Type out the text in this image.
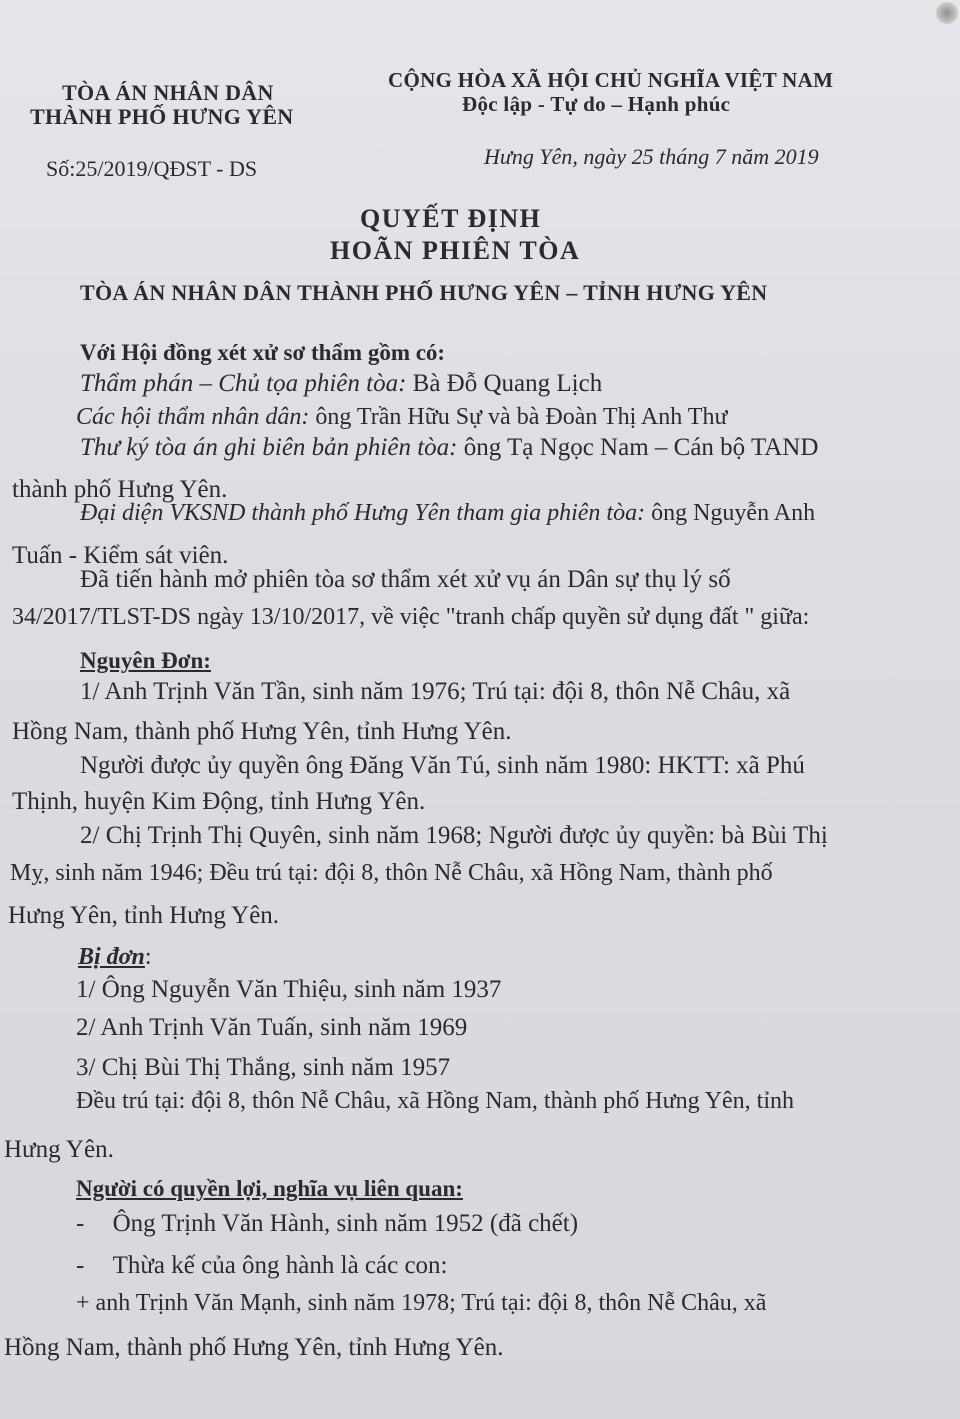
TÒA ÁN NHÂN DÂN
THÀNH PHỐ HƯNG YÊN
Số:25/2019/QĐST - DS
CỘNG HÒA XÃ HỘI CHỦ NGHĨA VIỆT NAM
Độc lập - Tự do – Hạnh phúc
Hưng Yên, ngày 25 tháng 7 năm 2019
QUYẾT ĐỊNH
HOÃN PHIÊN TÒA
TÒA ÁN NHÂN DÂN THÀNH PHỐ HƯNG YÊN – TỈNH HƯNG YÊN
Với Hội đồng xét xử sơ thẩm gồm có:
Thẩm phán – Chủ tọa phiên tòa: Bà Đỗ Quang Lịch
Các hội thẩm nhân dân: ông Trần Hữu Sự và bà Đoàn Thị Anh Thư
Thư ký tòa án ghi biên bản phiên tòa: ông Tạ Ngọc Nam – Cán bộ TAND
thành phố Hưng Yên.
Đại diện VKSND thành phố Hưng Yên tham gia phiên tòa: ông Nguyễn Anh
Tuấn - Kiểm sát viên.
Đã tiến hành mở phiên tòa sơ thẩm xét xử vụ án Dân sự thụ lý số
34/2017/TLST-DS ngày 13/10/2017, về việc "tranh chấp quyền sử dụng đất " giữa:
Nguyên Đơn:
1/ Anh Trịnh Văn Tần, sinh năm 1976; Trú tại: đội 8, thôn Nễ Châu, xã
Hồng Nam, thành phố Hưng Yên, tỉnh Hưng Yên.
Người được ủy quyền ông Đăng Văn Tú, sinh năm 1980: HKTT: xã Phú
Thịnh, huyện Kim Động, tỉnh Hưng Yên.
2/ Chị Trịnh Thị Quyên, sinh năm 1968; Người được ủy quyền: bà Bùi Thị
Mỵ, sinh năm 1946; Đều trú tại: đội 8, thôn Nễ Châu, xã Hồng Nam, thành phố
Hưng Yên, tỉnh Hưng Yên.
Bị đơn:
1/ Ông Nguyễn Văn Thiệu, sinh năm 1937
2/ Anh Trịnh Văn Tuấn, sinh năm 1969
3/ Chị Bùi Thị Thắng, sinh năm 1957
Đều trú tại: đội 8, thôn Nễ Châu, xã Hồng Nam, thành phố Hưng Yên, tỉnh
Hưng Yên.
Người có quyền lợi, nghĩa vụ liên quan:
- Ông Trịnh Văn Hành, sinh năm 1952 (đã chết)
- Thừa kế của ông hành là các con:
+ anh Trịnh Văn Mạnh, sinh năm 1978; Trú tại: đội 8, thôn Nễ Châu, xã
Hồng Nam, thành phố Hưng Yên, tỉnh Hưng Yên.
